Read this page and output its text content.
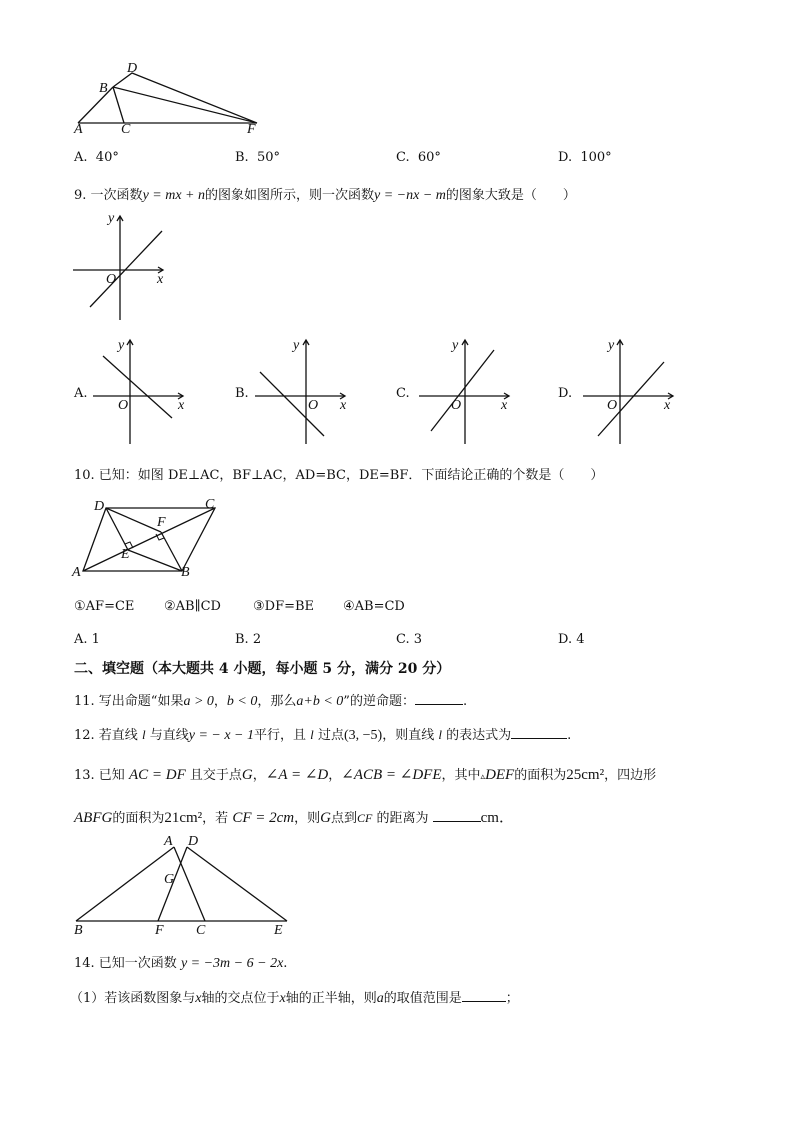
D
B
A	C	F
A. 40°	B. 50°	C. 60°	D. 100°
9. 一次函数y = mx + n的图象如图所示，则一次函数y = −nx − m的图象大致是（　　）
y
O	x
A.
y
O	x
B.
y
O x
C.
y
O	x
D.
y
O	x
10. 已知：如图 DE⊥AC，BF⊥AC，AD=BC，DE=BF．下面结论正确的个数是（　　）
D	C
F
E
A	B
①AF=CE ②AB∥CD ③DF=BE ④AB=CD
A. 1	B. 2	C. 3	D. 4
二、填空题（本大题共 4 小题，每小题 5 分，满分 20 分）
11. 写出命题“如果a > 0，b < 0，那么a+b < 0”的逆命题：	.
12. 若直线 l 与直线y = − x − 1平行，且 l 过点(3, −5)，则直线 l 的表达式为	.
13. 已知 AC = DF 且交于点G，∠A = ∠D，∠ACB = ∠DFE，其中▵DEF的面积为25cm²，四边形
ABFG的面积为21cm²，若 CF = 2cm，则G点到CF 的距离为	cm．
A D
G
B	F C	E
14. 已知一次函数 y = −3m − 6 − 2x.
（1）若该函数图象与x轴的交点位于x轴的正半轴，则a的取值范围是	；
